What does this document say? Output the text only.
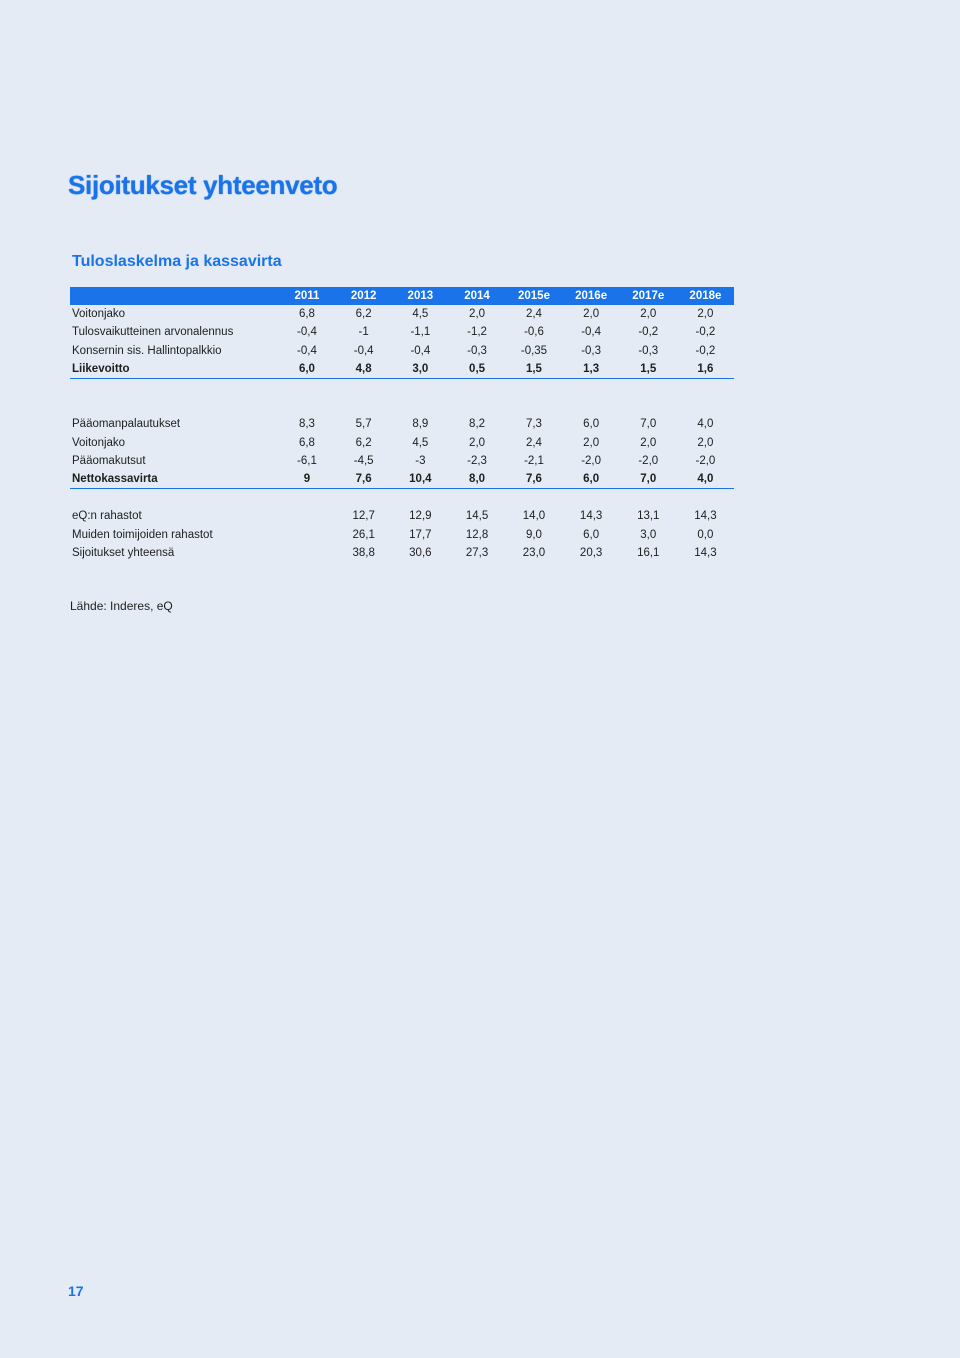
Sijoitukset yhteenveto
Tuloslaskelma ja kassavirta
	2011	2012	2013	2014	2015e	2016e	2017e	2018e
Voitonjako	6,8	6,2	4,5	2,0	2,4	2,0	2,0	2,0
Tulosvaikutteinen arvonalennus	-0,4	-1	-1,1	-1,2	-0,6	-0,4	-0,2	-0,2
Konsernin sis. Hallintopalkkio	-0,4	-0,4	-0,4	-0,3	-0,35	-0,3	-0,3	-0,2
Liikevoitto	6,0	4,8	3,0	0,5	1,5	1,3	1,5	1,6

Pääomanpalautukset	8,3	5,7	8,9	8,2	7,3	6,0	7,0	4,0
Voitonjako	6,8	6,2	4,5	2,0	2,4	2,0	2,0	2,0
Pääomakutsut	-6,1	-4,5	-3	-2,3	-2,1	-2,0	-2,0	-2,0
Nettokassavirta	9	7,6	10,4	8,0	7,6	6,0	7,0	4,0

eQ:n rahastot		12,7	12,9	14,5	14,0	14,3	13,1	14,3
Muiden toimijoiden rahastot		26,1	17,7	12,8	9,0	6,0	3,0	0,0
Sijoitukset yhteensä		38,8	30,6	27,3	23,0	20,3	16,1	14,3
Lähde: Inderes, eQ
17
